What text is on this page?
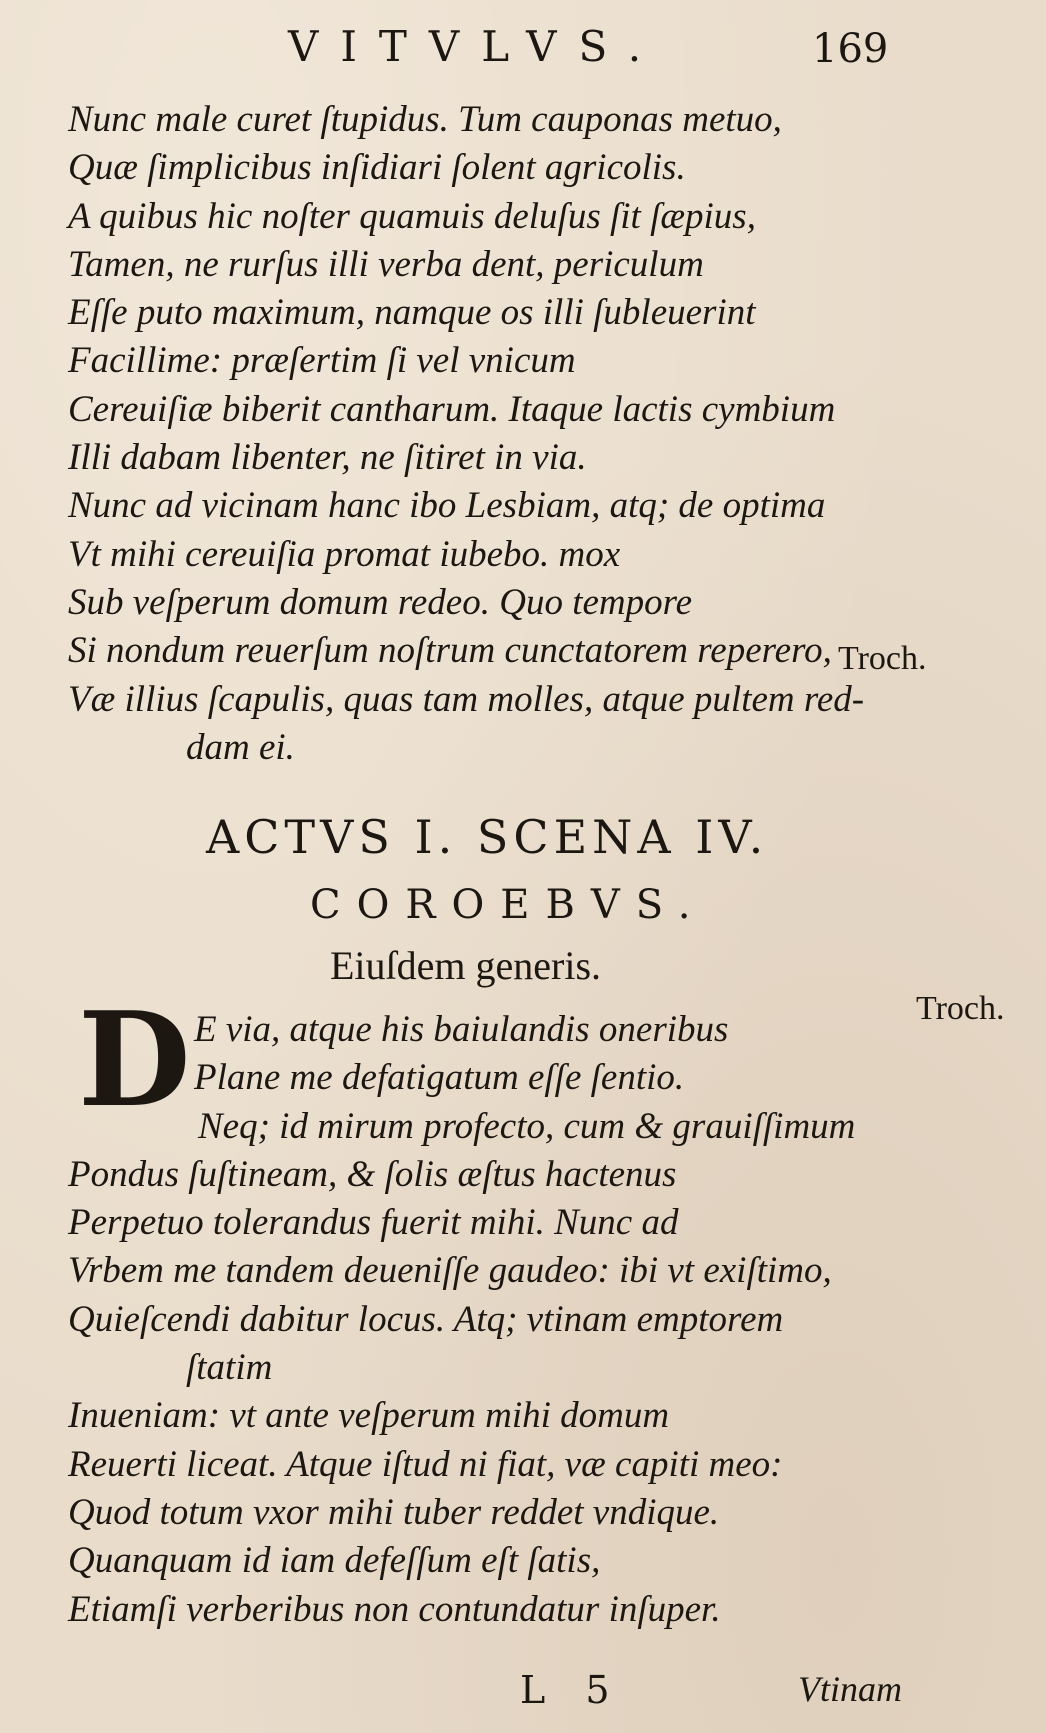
VITVLVS.	169
Nunc male curet ſtupidus. Tum cauponas metuo,
Quæ ſimplicibus inſidiari ſolent agricolis.
A quibus hic noſter quamuis deluſus ſit ſæpius,
Tamen, ne rurſus illi verba dent, periculum
Eſſe puto maximum, namque os illi ſubleuerint
Facillime: præſertim ſi vel vnicum
Cereuiſiæ biberit cantharum. Itaque lactis cymbium
Illi dabam libenter, ne ſitiret in via.
Nunc ad vicinam hanc ibo Lesbiam, atq; de optima
Vt mihi cereuiſia promat iubebo. mox
Sub veſperum domum redeo. Quo tempore
Si nondum reuerſum noſtrum cunctatorem reperero,
Væ illius ſcapulis, quas tam molles, atque pultem red-
dam ei.
Troch.
ACTVS I. SCENA IV.
COROEBVS.
Eiuſdem generis.
Troch.
D E via, atque his baiulandis oneribus
Plane me defatigatum eſſe ſentio.
Neq; id mirum profecto, cum & grauiſſimum
Pondus ſuſtineam, & ſolis æſtus hactenus
Perpetuo tolerandus fuerit mihi. Nunc ad
Vrbem me tandem deueniſſe gaudeo: ibi vt exiſtimo,
Quieſcendi dabitur locus. Atq; vtinam emptorem
ſtatim
Inueniam: vt ante veſperum mihi domum
Reuerti liceat. Atque iſtud ni fiat, væ capiti meo:
Quod totum vxor mihi tuber reddet vndique.
Quanquam id iam defeſſum eſt ſatis,
Etiamſi verberibus non contundatur inſuper.
L 5	Vtinam
